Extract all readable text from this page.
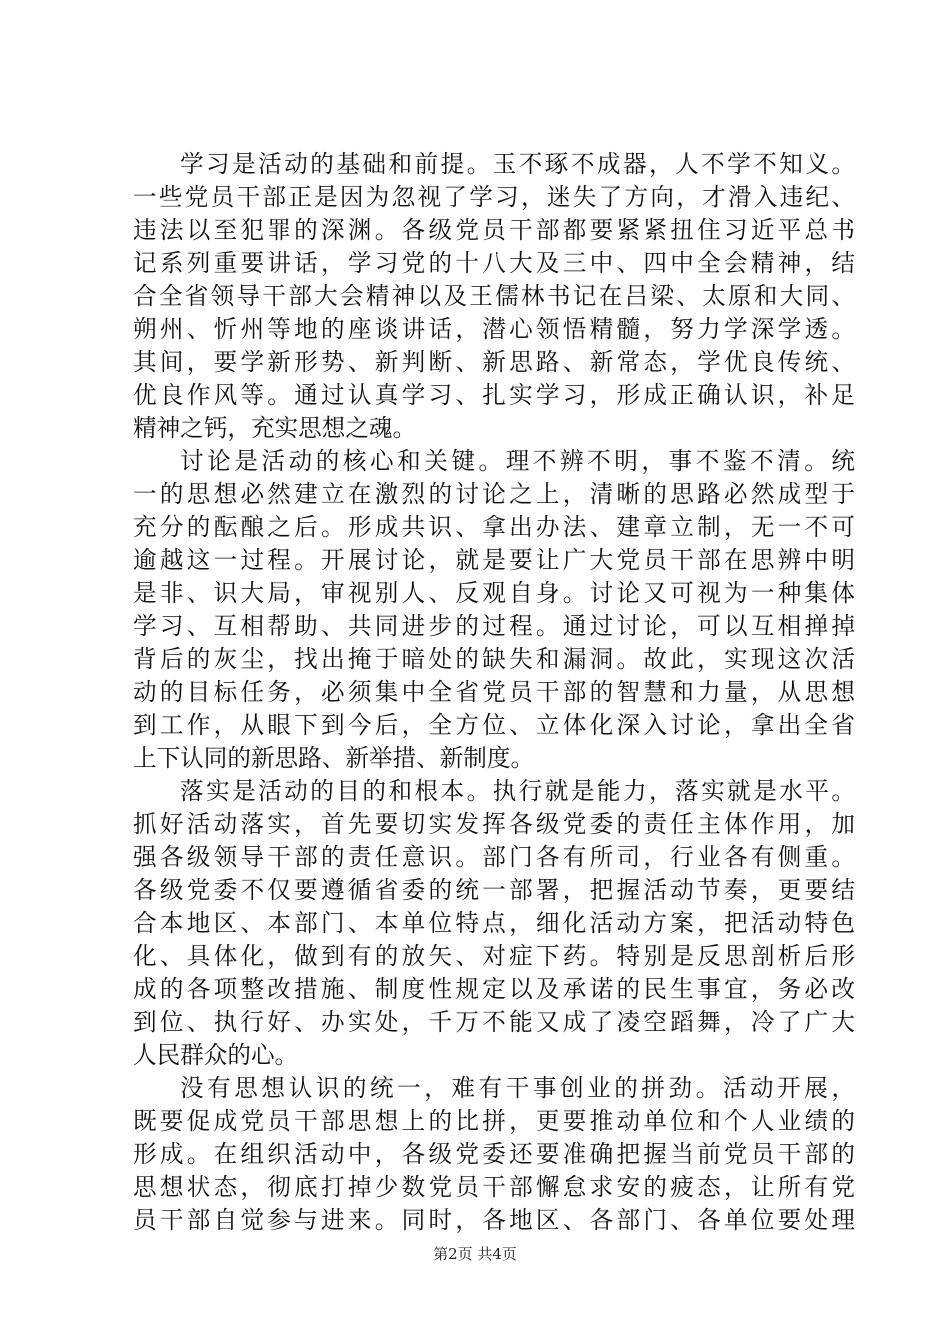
学习是活动的基础和前提。玉不琢不成器，人不学不知义。
一些党员干部正是因为忽视了学习，迷失了方向，才滑入违纪、
违法以至犯罪的深渊。各级党员干部都要紧紧扭住习近平总书
记系列重要讲话，学习党的十八大及三中、四中全会精神，结
合全省领导干部大会精神以及王儒林书记在吕梁、太原和大同、
朔州、忻州等地的座谈讲话，潜心领悟精髓，努力学深学透。
其间，要学新形势、新判断、新思路、新常态，学优良传统、
优良作风等。通过认真学习、扎实学习，形成正确认识，补足
精神之钙，充实思想之魂。
讨论是活动的核心和关键。理不辨不明，事不鉴不清。统
一的思想必然建立在激烈的讨论之上，清晰的思路必然成型于
充分的酝酿之后。形成共识、拿出办法、建章立制，无一不可
逾越这一过程。开展讨论，就是要让广大党员干部在思辨中明
是非、识大局，审视别人、反观自身。讨论又可视为一种集体
学习、互相帮助、共同进步的过程。通过讨论，可以互相掸掉
背后的灰尘，找出掩于暗处的缺失和漏洞。故此，实现这次活
动的目标任务，必须集中全省党员干部的智慧和力量，从思想
到工作，从眼下到今后，全方位、立体化深入讨论，拿出全省
上下认同的新思路、新举措、新制度。
落实是活动的目的和根本。执行就是能力，落实就是水平。
抓好活动落实，首先要切实发挥各级党委的责任主体作用，加
强各级领导干部的责任意识。部门各有所司，行业各有侧重。
各级党委不仅要遵循省委的统一部署，把握活动节奏，更要结
合本地区、本部门、本单位特点，细化活动方案，把活动特色
化、具体化，做到有的放矢、对症下药。特别是反思剖析后形
成的各项整改措施、制度性规定以及承诺的民生事宜，务必改
到位、执行好、办实处，千万不能又成了凌空蹈舞，冷了广大
人民群众的心。
没有思想认识的统一，难有干事创业的拼劲。活动开展，
既要促成党员干部思想上的比拼，更要推动单位和个人业绩的
形成。在组织活动中，各级党委还要准确把握当前党员干部的
思想状态，彻底打掉少数党员干部懈怠求安的疲态，让所有党
员干部自觉参与进来。同时，各地区、各部门、各单位要处理
第2页 共4页
